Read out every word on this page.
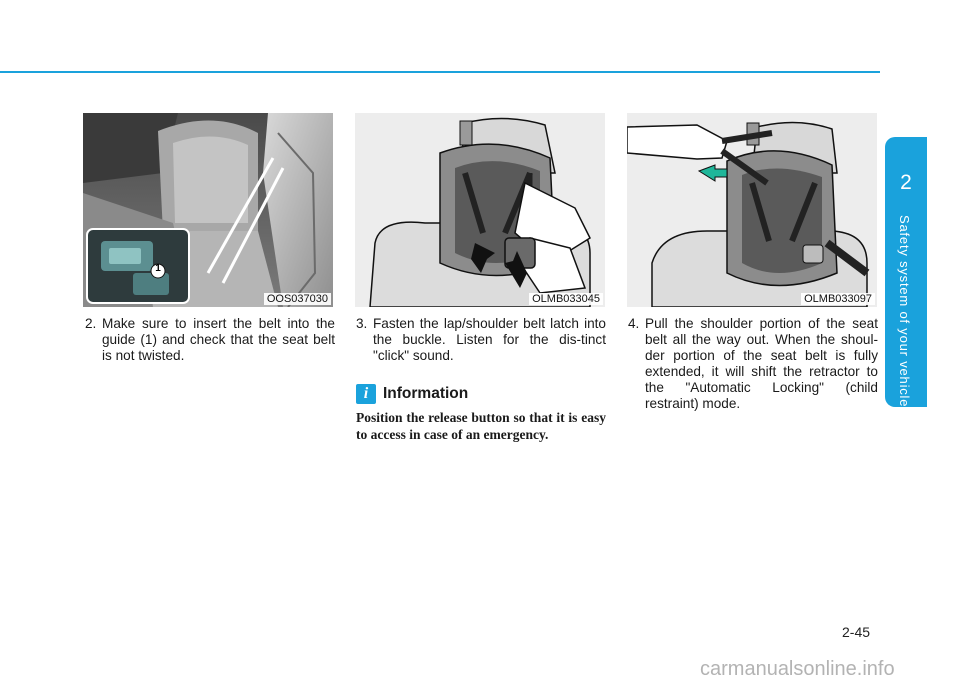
2
Safety system of your vehicle
1
OOS037030	OLMB033045	OLMB033097
2. Make sure to insert the belt into the guide (1) and check that the seat belt is not twisted.
3. Fasten the lap/shoulder belt latch into the buckle. Listen for the dis-tinct "click" sound.
4. Pull the shoulder portion of the seat belt all the way out. When the shoul-der portion of the seat belt is fully extended, it will shift the retractor to the "Automatic Locking" (child restraint) mode.
i Information
Position the release button so that it is easy to access in case of an emergency.
2-45
carmanualsonline.info
